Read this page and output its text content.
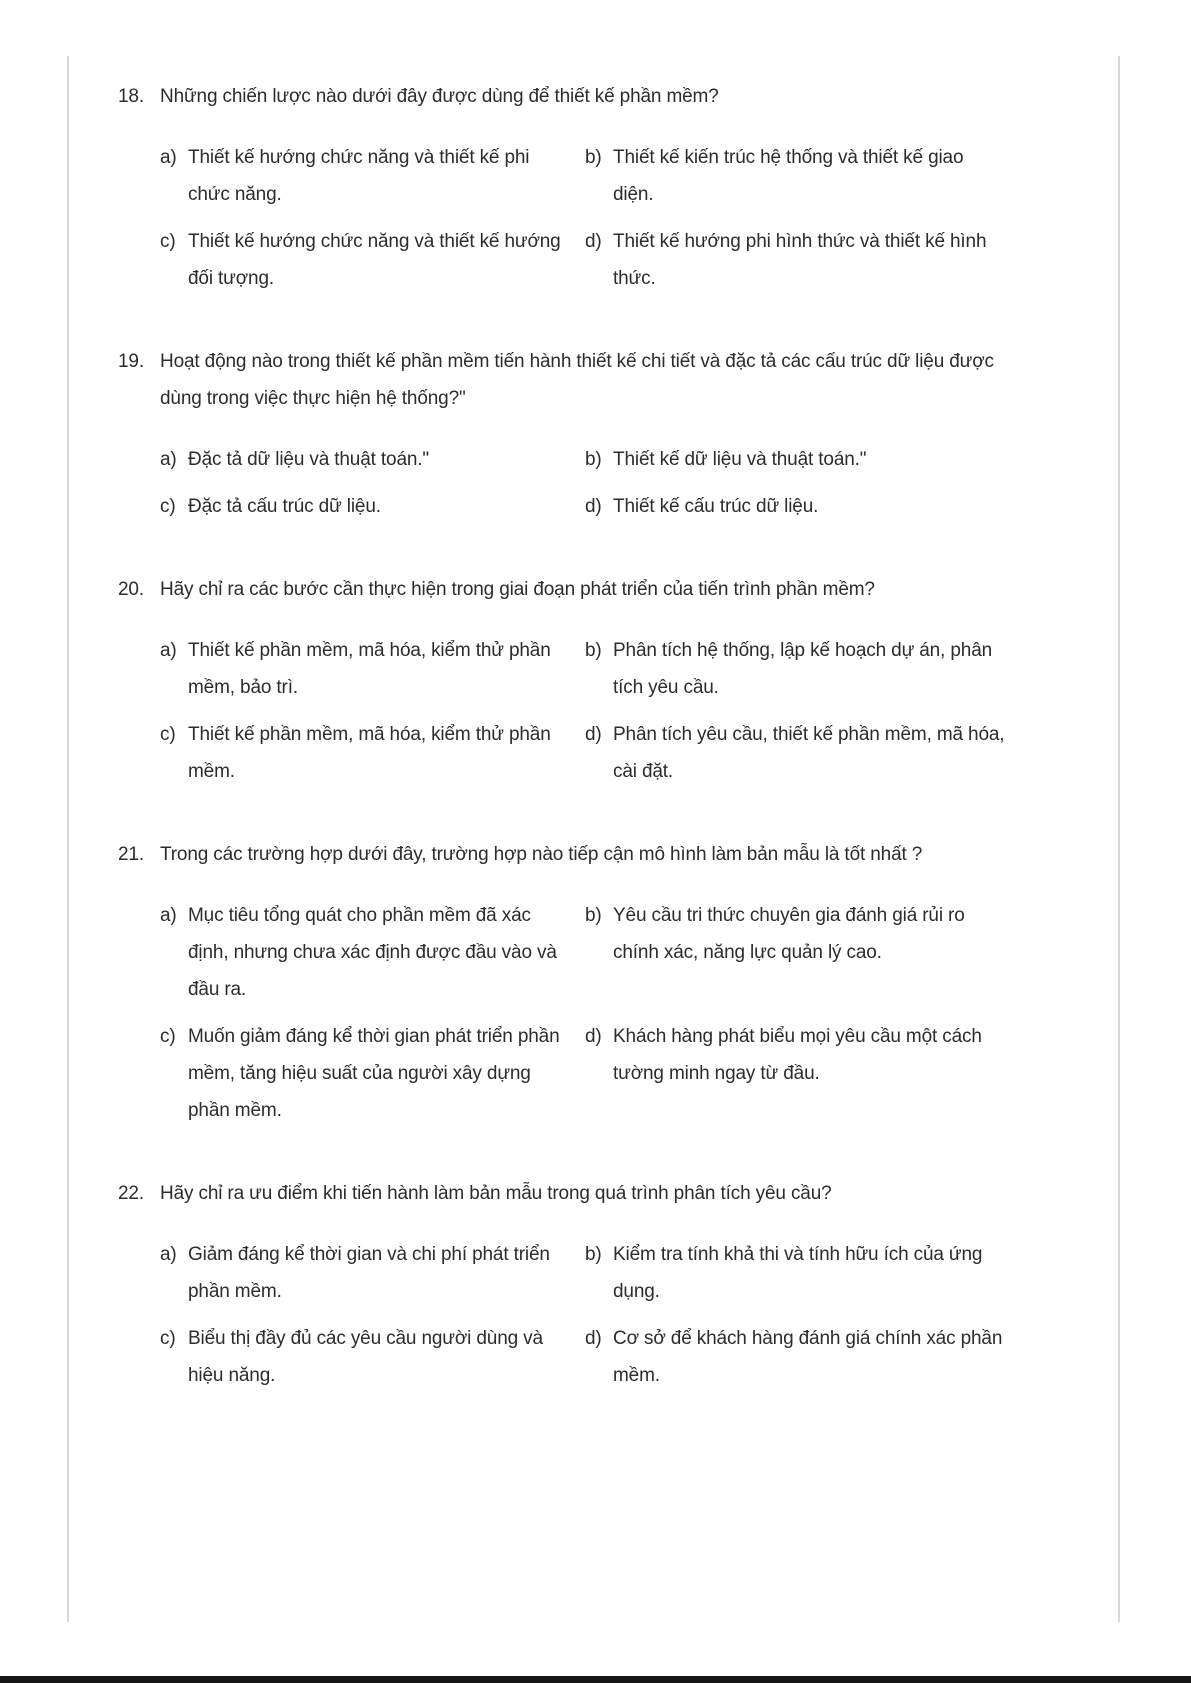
18. Những chiến lược nào dưới đây được dùng để thiết kế phần mềm?
a) Thiết kế hướng chức năng và thiết kế phi chức năng.
b) Thiết kế kiến trúc hệ thống và thiết kế giao diện.
c) Thiết kế hướng chức năng và thiết kế hướng đối tượng.
d) Thiết kế hướng phi hình thức và thiết kế hình thức.
19. Hoạt động nào trong thiết kế phần mềm tiến hành thiết kế chi tiết và đặc tả các cấu trúc dữ liệu được dùng trong việc thực hiện hệ thống?"
a) Đặc tả dữ liệu và thuật toán."	b) Thiết kế dữ liệu và thuật toán."
c) Đặc tả cấu trúc dữ liệu.	d) Thiết kế cấu trúc dữ liệu.
20. Hãy chỉ ra các bước cần thực hiện trong giai đoạn phát triển của tiến trình phần mềm?
a) Thiết kế phần mềm, mã hóa, kiểm thử phần mềm, bảo trì.
b) Phân tích hệ thống, lập kế hoạch dự án, phân tích yêu cầu.
c) Thiết kế phần mềm, mã hóa, kiểm thử phần mềm.
d) Phân tích yêu cầu, thiết kế phần mềm, mã hóa, cài đặt.
21. Trong các trường hợp dưới đây, trường hợp nào tiếp cận mô hình làm bản mẫu là tốt nhất ?
a) Mục tiêu tổng quát cho phần mềm đã xác định, nhưng chưa xác định được đầu vào và đầu ra.
b) Yêu cầu tri thức chuyên gia đánh giá rủi ro chính xác, năng lực quản lý cao.
c) Muốn giảm đáng kể thời gian phát triển phần mềm, tăng hiệu suất của người xây dựng phần mềm.
d) Khách hàng phát biểu mọi yêu cầu một cách tường minh ngay từ đầu.
22. Hãy chỉ ra ưu điểm khi tiến hành làm bản mẫu trong quá trình phân tích yêu cầu?
a) Giảm đáng kể thời gian và chi phí phát triển phần mềm.
b) Kiểm tra tính khả thi và tính hữu ích của ứng dụng.
c) Biểu thị đầy đủ các yêu cầu người dùng và hiệu năng.
d) Cơ sở để khách hàng đánh giá chính xác phần mềm.
